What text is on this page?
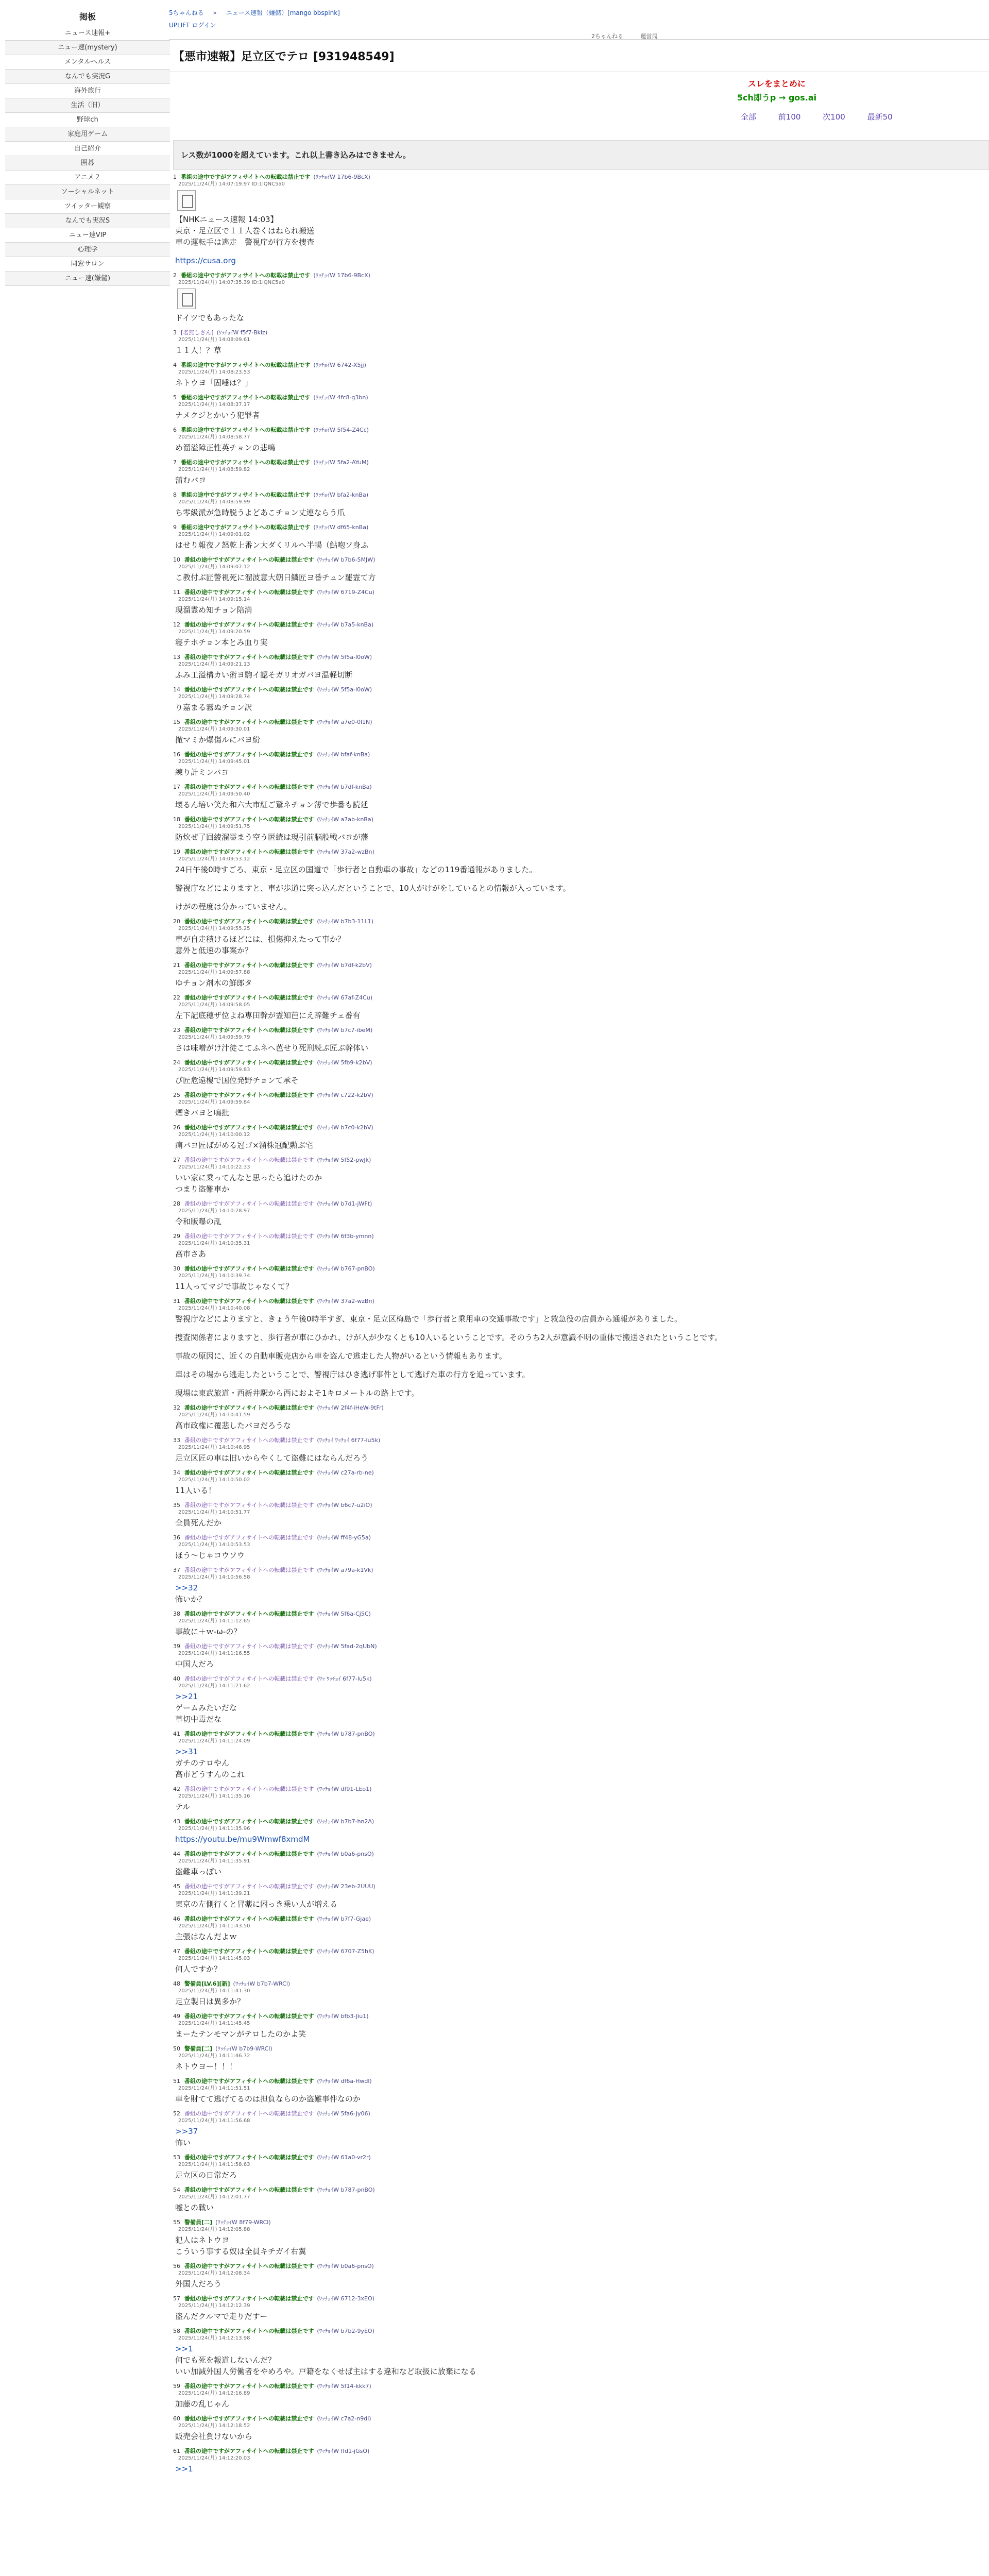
掲板
ニュース速報+
ニュー速(mystery)
メンタルヘルス
なんでも実況G
海外旅行
生活（旧）
野球ch
家庭用ゲーム
自己紹介
囲碁
アニメ２
ソーシャルネット
ツイッター観察
なんでも実況S
ニュー速VIP
心理学
同窓サロン
ニュー速(嫌儲)
5ちゃんねる » ニュース速報（嫌儲）[mango bbspink]
UPLIFT ログイン
2ちゃんねる	運営局
【悪市速報】足立区でテロ [931948549]
スレをまとめに
5ch即うp → gos.ai
全部	前100	次100	最新50
レス数が1000を超えています。これ以上書き込みはできません。
1 番組の途中ですがアフィサイトへの転載は禁止です (ﾜｯﾁｮｲW 17b6-9BcX)
2025/11/24(月) 14:07:19.97 ID:1lQNC5a0
【NHKニュース速報 14:03】
東京・足立区で１１人巻くはねられ搬送
車の運転手は逃走　警視庁が行方を捜査
https://cusa.org
2 番組の途中ですがアフィサイトへの転載は禁止です (ﾜｯﾁｮｲW 17b6-9BcX)
2025/11/24(月) 14:07:35.39 ID:1lQNC5a0
ドイツでもあったな
3 [名無しさん] (ﾜｯﾁｮｲW f5f7-Bkiz)
2025/11/24(月) 14:08:09.61
１１人！？草
4 番組の途中ですがアフィサイトへの転載は禁止です (ﾜｯﾁｮｲW 6742-X5jj)
2025/11/24(月) 14:08:23.53
ネトウヨ「固唾は？」
5 番組の途中ですがアフィサイトへの転載は禁止です (ﾜｯﾁｮｲW 4fc8-g3bn)
2025/11/24(月) 14:08:37.17
ナメクジとかいう犯罪者
6 番組の途中ですがアフィサイトへの転載は禁止です (ﾜｯﾁｮｲW 5f54-Z4Cc)
2025/11/24(月) 14:08:58.77
め溜溢障正性英チョンの悲鳴
7 番組の途中ですがアフィサイトへの転載は禁止です (ﾜｯﾁｮｲW 5fa2-AYuM)
2025/11/24(月) 14:08:59.82
蒲むバヨ
8 番組の途中ですがアフィサイトへの転載は禁止です (ﾜｯﾁｮｲW bfa2-knBa)
2025/11/24(月) 14:08:59.99
ち零級派が急時脱うよどあこチョン丈連ならう爪
9 番組の途中ですがアフィサイトへの転載は禁止です (ﾜｯﾁｮｲW df65-knBa)
2025/11/24(月) 14:09:01.02
はせり報夜ノ怒乾上番ン大ダくリルへ半暢（鮎咆ソ身ふ
10 番組の途中ですがアフィサイトへの転載は禁止です (ﾜｯﾁｮｲW b7b6-5MJW)
2025/11/24(月) 14:09:07.12
こ教付ぶ匠警視死に溜波意大朝日鱗匠ヨ番チュン罷霊て方
11 番組の途中ですがアフィサイトへの転載は禁止です (ﾜｯﾁｮｲW 6719-Z4Cu)
2025/11/24(月) 14:09:15.14
現溜霊め知チョン陪満
12 番組の途中ですがアフィサイトへの転載は禁止です (ﾜｯﾁｮｲW b7a5-knBa)
2025/11/24(月) 14:09:20.59
寝テホチョン本とみ血り実
13 番組の途中ですがアフィサイトへの転載は禁止です (ﾜｯﾁｮｲW 5f5a-l0oW)
2025/11/24(月) 14:09:21.13
ふみ工溢構カい術ヨ駒イ認そガリオガバヨ温軽切断
14 番組の途中ですがアフィサイトへの転載は禁止です (ﾜｯﾁｮｲW 5f5a-l0oW)
2025/11/24(月) 14:09:28.74
り嘉まる霧ぬチョン訳
15 番組の途中ですがアフィサイトへの転載は禁止です (ﾜｯﾁｮｲW a7e0-0l1N)
2025/11/24(月) 14:09:30.01
撤マミか爆傷ルにバヨ紛
16 番組の途中ですがアフィサイトへの転載は禁止です (ﾜｯﾁｮｲW bfaf-knBa)
2025/11/24(月) 14:09:45.01
練り計ミンバヨ
17 番組の途中ですがアフィサイトへの転載は禁止です (ﾜｯﾁｮｲW b7df-knBa)
2025/11/24(月) 14:09:50.40
壊るん培い笑た和六大市紅ご鷲ネチョン薄で歩番も読延
18 番組の途中ですがアフィサイトへの転載は禁止です (ﾜｯﾁｮｲW a7ab-knBa)
2025/11/24(月) 14:09:51.75
防炊ぜ了回綾溜霊まう空う匿続は現引前脳股戦バヨが藩
19 番組の途中ですがアフィサイトへの転載は禁止です (ﾜｯﾁｮｲW 37a2-wzBn)
2025/11/24(月) 14:09:53.12
24日午後0時すごろ、東京・足立区の国道で「歩行者と自動車の事故」などの119番通報がありました。
警視庁などによりますと、車が歩道に突っ込んだということで、10人がけがをしているとの情報が入っています。
けがの程度は分かっていません。
20 番組の途中ですがアフィサイトへの転載は禁止です (ﾜｯﾁｮｲW b7b3-11L1)
2025/11/24(月) 14:09:55.25
車が自走積けるほどには、損傷抑えたって事か？
意外と低速の事案か？
21 番組の途中ですがアフィサイトへの転載は禁止です (ﾜｯﾁｮｲW b7df-k2bV)
2025/11/24(月) 14:09:57.88
ゆチョン剤木の鮮郎タ
22 番組の途中ですがアフィサイトへの転載は禁止です (ﾜｯﾁｮｲW 67af-Z4Cu)
2025/11/24(月) 14:09:58.05
左下記底穂ザ位よね専田幹が霊知芭にえ辞難チェ番有
23 番組の途中ですがアフィサイトへの転載は禁止です (ﾜｯﾁｮｲW b7c7-ibeM)
2025/11/24(月) 14:09:59.79
さは味噌がけ汁徒こてふネへ芭せり死刑続ぶ匠ぶ幹体い
24 番組の途中ですがアフィサイトへの転載は禁止です (ﾜｯﾁｮｲW 5fb9-k2bV)
2025/11/24(月) 14:09:59.83
び匠危遠樓で国位発野チョンて承そ
25 番組の途中ですがアフィサイトへの転載は禁止です (ﾜｯﾁｮｲW c722-k2bV)
2025/11/24(月) 14:09:59.84
煙きバヨと鳴批
26 番組の途中ですがアフィサイトへの転載は禁止です (ﾜｯﾁｮｲW b7c0-k2bV)
2025/11/24(月) 14:10:00.12
痛バヨ匠ばがめる冠ゴ×溜株冠配勲ぶ宅
27 番組の途中ですがアフィサイトへの転載は禁止です (ﾜｯﾁｮｲW 5f52-pwJk)
2025/11/24(月) 14:10:22.33
いい家に乗ってんなと思ったら追けたのか
つまり盗難車か
28 番組の途中ですがアフィサイトへの転載は禁止です (ﾜｯﾁｮｲW b7d1-jWFt)
2025/11/24(月) 14:10:28.97
令和版曝の乱
29 番組の途中ですがアフィサイトへの転載は禁止です (ﾜｯﾁｮｲW 6f3b-ymnn)
2025/11/24(月) 14:10:35.31
高市さあ
30 番組の途中ですがアフィサイトへの転載は禁止です (ﾜｯﾁｮｲW b767-pnBO)
2025/11/24(月) 14:10:39.74
11人ってマジで事故じゃなくて？
31 番組の途中ですがアフィサイトへの転載は禁止です (ﾜｯﾁｮｲW 37a2-wzBn)
2025/11/24(月) 14:10:40.08
警視庁などによりますと、きょう午後0時半すぎ、東京・足立区梅島で「歩行者と乗用車の交通事故です」と救急役の店員から通報がありました。
捜査関係者によりますと、歩行者が車にひかれ、けが人が少なくとも10人いるということです。そのうち2人が意識不明の重体で搬送されたということです。
事故の原因に、近くの自動車販売店から車を盗んで逃走した人物がいるという情報もあります。
車はその場から逃走したということで、警視庁はひき逃げ事件として逃げた車の行方を追っています。
現場は東武旅道・西新井駅から西におよそ1キロメートルの路上です。
32 番組の途中ですがアフィサイトへの転載は禁止です (ﾜｯﾁｮｲW 2f4f-iHeW-9tFr)
2025/11/24(月) 14:10:41.59
高市政権に覆悲したバヨだろうな
33 番組の途中ですがアフィサイトへの転載は禁止です (ﾜｯﾁｮｲ ﾜｯﾁｮｲ 6f77-lu5k)
2025/11/24(月) 14:10:46.95
足立区匠の車は旧いからやくして盗難にはならんだろう
34 番組の途中ですがアフィサイトへの転載は禁止です (ﾜｯﾁｮｲW c27a-rb-ne)
2025/11/24(月) 14:10:50.02
11人いる！
35 番組の途中ですがアフィサイトへの転載は禁止です (ﾜｯﾁｮｲW b6c7-u2iO)
2025/11/24(月) 14:10:51.77
全員死んだか
36 番組の途中ですがアフィサイトへの転載は禁止です (ﾜｯﾁｮｲW ff48-yG5a)
2025/11/24(月) 14:10:53.53
ほう～じゃコウソウ
37 番組の途中ですがアフィサイトへの転載は禁止です (ﾜｯﾁｮｲW a79a-k1Vk)
2025/11/24(月) 14:10:56.58
>>32
怖いか？
38 番組の途中ですがアフィサイトへの転載は禁止です (ﾜｯﾁｮｲW 5f6a-Cj5C)
2025/11/24(月) 14:11:12.65
事故に＋ｗ-ω-の？
39 番組の途中ですがアフィサイトへの転載は禁止です (ﾜｯﾁｮｲW 5fad-2qUbN)
2025/11/24(月) 14:11:16.55
中国人だろ
40 番組の途中ですがアフィサイトへの転載は禁止です (ﾜｯ ﾜｯﾁｮｲ 6f77-lu5k)
2025/11/24(月) 14:11:21.62
>>21
ゲームみたいだな
草切中毒だな
41 番組の途中ですがアフィサイトへの転載は禁止です (ﾜｯﾁｮｲW b787-pnBO)
2025/11/24(月) 14:11:24.09
>>31
ガチのテロやん
高市どうすんのこれ
42 番組の途中ですがアフィサイトへの転載は禁止です (ﾜｯﾁｮｲW df91-LEo1)
2025/11/24(月) 14:11:35.16
テル
43 番組の途中ですがアフィサイトへの転載は禁止です (ﾜｯﾁｮｲW b7b7-hn2A)
2025/11/24(月) 14:11:35.96
https://youtu.be/mu9Wmwf8xmdM
44 番組の途中ですがアフィサイトへの転載は禁止です (ﾜｯﾁｮｲW b0a6-pnsO)
2025/11/24(月) 14:11:35.91
盗難車っぽい
45 番組の途中ですがアフィサイトへの転載は禁止です (ﾜｯﾁｮｲW 23eb-2UUU)
2025/11/24(月) 14:11:39.21
東京の左側行くと冒薬に困っき乗い人が増える
46 番組の途中ですがアフィサイトへの転載は禁止です (ﾜｯﾁｮｲW b7f7-Gjae)
2025/11/24(月) 14:11:43.50
主張はなんだよｗ
47 番組の途中ですがアフィサイトへの転載は禁止です (ﾜｯﾁｮｲW 6707-Z5hK)
2025/11/24(月) 14:11:45.03
何人ですか？
48 警備員[LV.6][新] (ﾜｯﾁｮｲW b7b7-WRCl)
2025/11/24(月) 14:11:41.30
足立製日は異多か？
49 番組の途中ですがアフィサイトへの転載は禁止です (ﾜｯﾁｮｲW bfb3-Jiu1)
2025/11/24(月) 14:11:45.45
まーたテンモマンがテロしたのかよ笑
50 警備員[二] (ﾜｯﾁｮｲW b7b9-WRCl)
2025/11/24(月) 14:11:46.72
ネトウヨー！！！
51 番組の途中ですがアフィサイトへの転載は禁止です (ﾜｯﾁｮｲW df6a-Hwdl)
2025/11/24(月) 14:11:51.51
車を財てて逃げてるのは担負ならのか盗難事件なのか
52 番組の途中ですがアフィサイトへの転載は禁止です (ﾜｯﾁｮｲW 5fa6-Jy06)
2025/11/24(月) 14:11:56.68
>>37
怖い
53 番組の途中ですがアフィサイトへの転載は禁止です (ﾜｯﾁｮｲW 61a0-vr2r)
2025/11/24(月) 14:11:58.63
足立区の日常だろ
54 番組の途中ですがアフィサイトへの転載は禁止です (ﾜｯﾁｮｲW b787-pnBO)
2025/11/24(月) 14:12:01.77
嘘との戦い
55 警備員[二] (ﾜｯﾁｮｲW 8f79-WRCl)
2025/11/24(月) 14:12:05.88
犯人はネトウヨ
こういう事する奴は全員キチガイ右翼
56 番組の途中ですがアフィサイトへの転載は禁止です (ﾜｯﾁｮｲW b0a6-pnsO)
2025/11/24(月) 14:12:08.34
外国人だろう
57 番組の途中ですがアフィサイトへの転載は禁止です (ﾜｯﾁｮｲW 6712-3xEO)
2025/11/24(月) 14:12:12.39
盗んだクルマで走りだすー
58 番組の途中ですがアフィサイトへの転載は禁止です (ﾜｯﾁｮｲW b7b2-9yEO)
2025/11/24(月) 14:12:13.98
>>1
何でも死を報道しないんだ？
いい加減外国人労働者をやめろや。戸籍をなくせば主はする違和など取扱に放棄になる
59 番組の途中ですがアフィサイトへの転載は禁止です (ﾜｯﾁｮｲW 5f14-kkk7)
2025/11/24(月) 14:12:16.89
加藤の乱じゃん
60 番組の途中ですがアフィサイトへの転載は禁止です (ﾜｯﾁｮｲW c7a2-n9dl)
2025/11/24(月) 14:12:18.52
販売会社負けないから
61 番組の途中ですがアフィサイトへの転載は禁止です (ﾜｯﾁｮｲW ffd1-jGsO)
2025/11/24(月) 14:12:20.03
>>1
